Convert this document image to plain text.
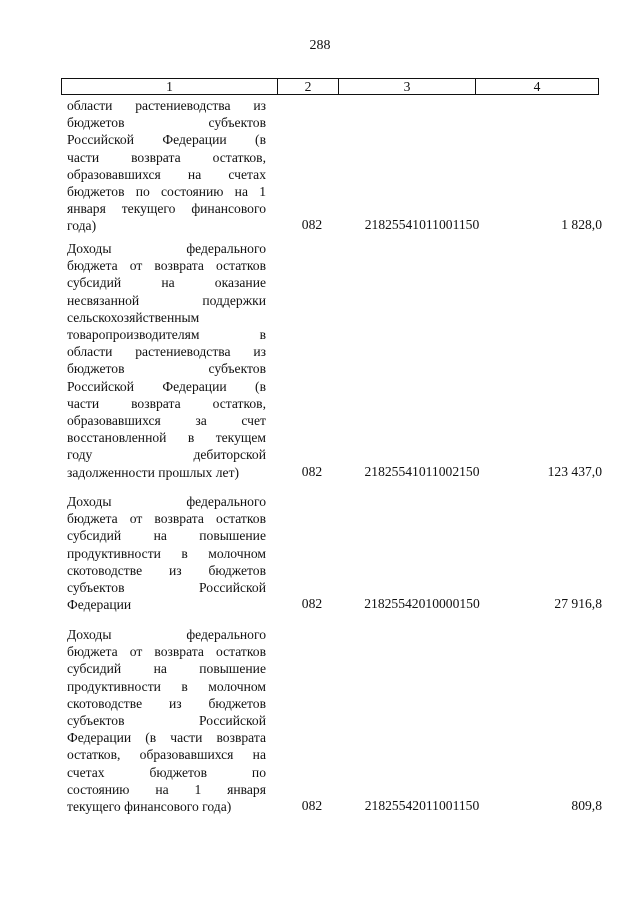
288
1	2	3	4
области растениеводства из
бюджетов субъектов
Российской Федерации (в
части возврата остатков,
образовавшихся на счетах
бюджетов по состоянию на 1
января текущего финансового
года)	082	21825541011001150	1 828,0
Доходы федерального
бюджета от возврата остатков
субсидий на оказание
несвязанной поддержки
сельскохозяйственным
товаропроизводителям в
области растениеводства из
бюджетов субъектов
Российской Федерации (в
части возврата остатков,
образовавшихся за счет
восстановленной в текущем
году дебиторской
задолженности прошлых лет)	082	21825541011002150	123 437,0
Доходы федерального
бюджета от возврата остатков
субсидий на повышение
продуктивности в молочном
скотоводстве из бюджетов
субъектов Российской
Федерации	082	21825542010000150	27 916,8
Доходы федерального
бюджета от возврата остатков
субсидий на повышение
продуктивности в молочном
скотоводстве из бюджетов
субъектов Российской
Федерации (в части возврата
остатков, образовавшихся на
счетах бюджетов по
состоянию на 1 января
текущего финансового года)	082	21825542011001150	809,8
